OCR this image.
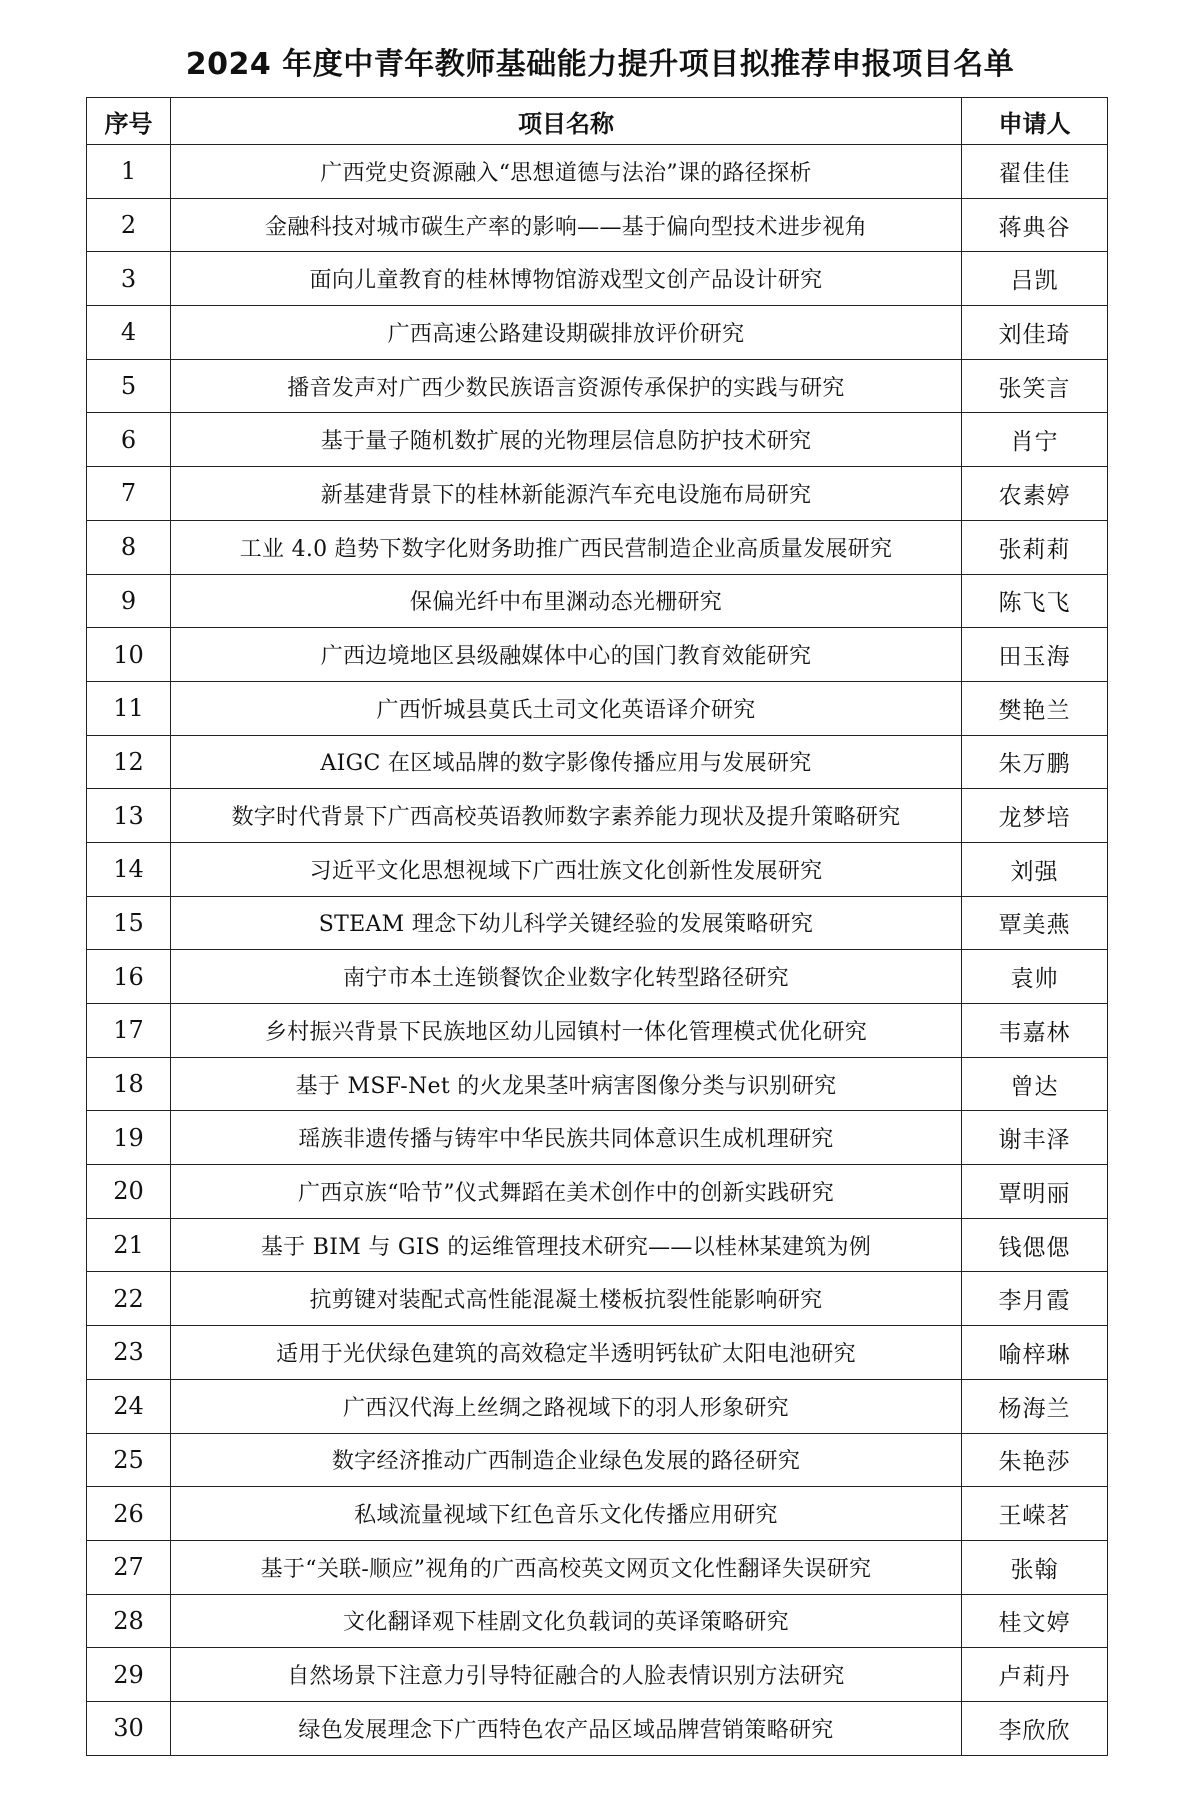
2024 年度中青年教师基础能力提升项目拟推荐申报项目名单
序号	项目名称	申请人
1	广西党史资源融入“思想道德与法治”课的路径探析	翟佳佳
2	金融科技对城市碳生产率的影响——基于偏向型技术进步视角	蒋典谷
3	面向儿童教育的桂林博物馆游戏型文创产品设计研究	吕凯
4	广西高速公路建设期碳排放评价研究	刘佳琦
5	播音发声对广西少数民族语言资源传承保护的实践与研究	张笑言
6	基于量子随机数扩展的光物理层信息防护技术研究	肖宁
7	新基建背景下的桂林新能源汽车充电设施布局研究	农素婷
8	工业 4.0 趋势下数字化财务助推广西民营制造企业高质量发展研究	张莉莉
9	保偏光纤中布里渊动态光栅研究	陈飞飞
10	广西边境地区县级融媒体中心的国门教育效能研究	田玉海
11	广西忻城县莫氏土司文化英语译介研究	樊艳兰
12	AIGC 在区域品牌的数字影像传播应用与发展研究	朱万鹏
13	数字时代背景下广西高校英语教师数字素养能力现状及提升策略研究	龙梦培
14	习近平文化思想视域下广西壮族文化创新性发展研究	刘强
15	STEAM 理念下幼儿科学关键经验的发展策略研究	覃美燕
16	南宁市本土连锁餐饮企业数字化转型路径研究	袁帅
17	乡村振兴背景下民族地区幼儿园镇村一体化管理模式优化研究	韦嘉林
18	基于 MSF-Net 的火龙果茎叶病害图像分类与识别研究	曾达
19	瑶族非遗传播与铸牢中华民族共同体意识生成机理研究	谢丰泽
20	广西京族“哈节”仪式舞蹈在美术创作中的创新实践研究	覃明丽
21	基于 BIM 与 GIS 的运维管理技术研究——以桂林某建筑为例	钱偲偲
22	抗剪键对装配式高性能混凝土楼板抗裂性能影响研究	李月霞
23	适用于光伏绿色建筑的高效稳定半透明钙钛矿太阳电池研究	喻梓琳
24	广西汉代海上丝绸之路视域下的羽人形象研究	杨海兰
25	数字经济推动广西制造企业绿色发展的路径研究	朱艳莎
26	私域流量视域下红色音乐文化传播应用研究	王嵘茗
27	基于“关联-顺应”视角的广西高校英文网页文化性翻译失误研究	张翰
28	文化翻译观下桂剧文化负载词的英译策略研究	桂文婷
29	自然场景下注意力引导特征融合的人脸表情识别方法研究	卢莉丹
30	绿色发展理念下广西特色农产品区域品牌营销策略研究	李欣欣
